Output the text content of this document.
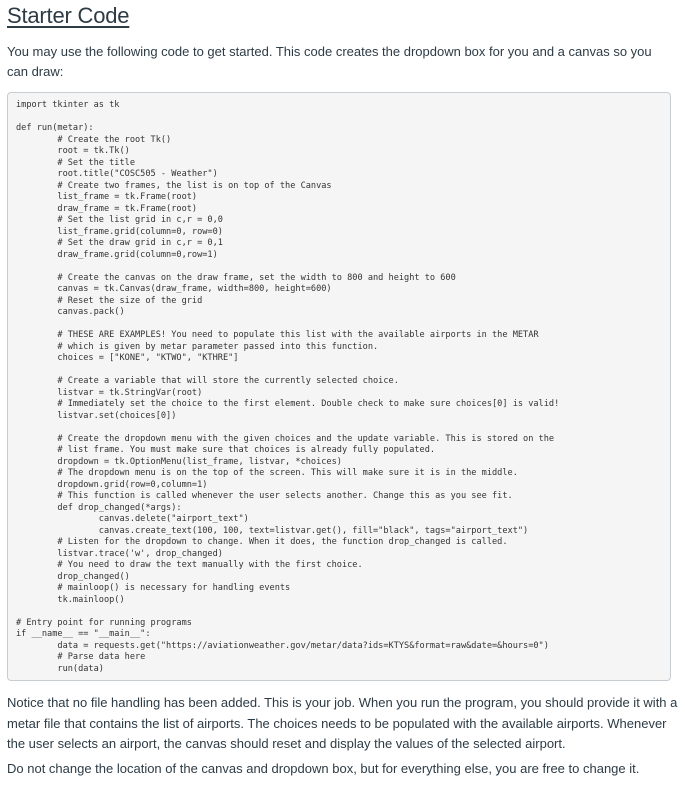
Starter Code

You may use the following code to get started. This code creates the dropdown box for you and a canvas so you can draw:

import tkinter as tk

def run(metar):
# Create the root Tk()
root = tk.Tk()
# Set the title
root.title("COSC505 - Weather")
# Create two frames, the list is on top of the Canvas
list_frame = tk.Frame(root)
draw_frame = tk.Frame(root)
# Set the list grid in c,r = 0,0
list_frame.grid(column=0, row=0)
# Set the draw grid in c,r = 0,1
draw_frame.grid(column=0,row=1)

# Create the canvas on the draw frame, set the width to 800 and height to 600
canvas = tk.Canvas(draw_frame, width=800, height=600)
# Reset the size of the grid
canvas.pack()

# THESE ARE EXAMPLES! You need to populate this list with the available airports in the METAR
# which is given by metar parameter passed into this function.
choices = ["KONE", "KTWO", "KTHRE"]

# Create a variable that will store the currently selected choice.
listvar = tk.StringVar(root)
# Immediately set the choice to the first element. Double check to make sure choices[0] is valid!
listvar.set(choices[0])

# Create the dropdown menu with the given choices and the update variable. This is stored on the
# list frame. You must make sure that choices is already fully populated.
dropdown = tk.OptionMenu(list_frame, listvar, *choices)
# The dropdown menu is on the top of the screen. This will make sure it is in the middle.
dropdown.grid(row=0,column=1)
# This function is called whenever the user selects another. Change this as you see fit.
def drop_changed(*args):
canvas.delete("airport_text")
canvas.create_text(100, 100, text=listvar.get(), fill="black", tags="airport_text")
# Listen for the dropdown to change. When it does, the function drop_changed is called.
listvar.trace('w', drop_changed)
# You need to draw the text manually with the first choice.
drop_changed()
# mainloop() is necessary for handling events
tk.mainloop()

# Entry point for running programs
if __name__ == "__main__":
data = requests.get("https://aviationweather.gov/metar/data?ids=KTYS&format=raw&date=&hours=0")
# Parse data here
run(data)

Notice that no file handling has been added. This is your job. When you run the program, you should provide it with a metar file that contains the list of airports. The choices needs to be populated with the available airports. Whenever the user selects an airport, the canvas should reset and display the values of the selected airport.

Do not change the location of the canvas and dropdown box, but for everything else, you are free to change it.
